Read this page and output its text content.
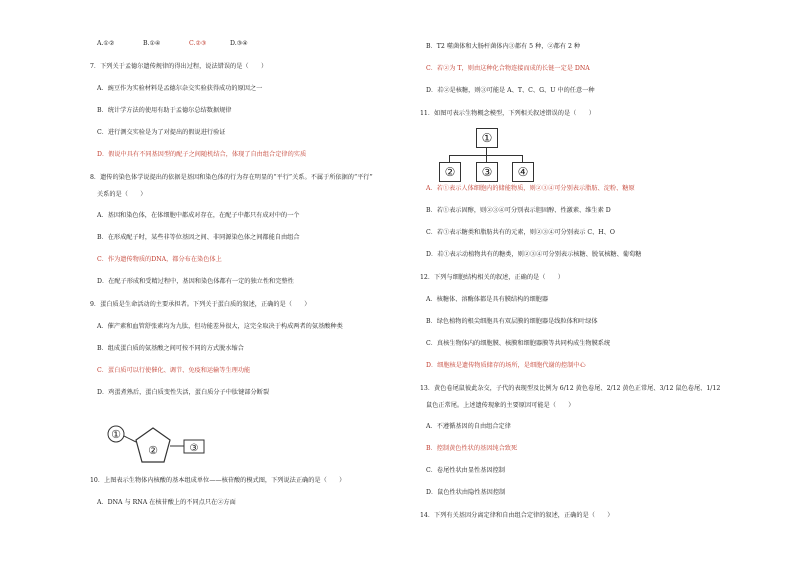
A.①②	B.①④	C.②③	D.③④
7．下列关于孟德尔遗传规律的得出过程，说法错误的是（　　）
A．豌豆作为实验材料是孟德尔杂交实验获得成功的原因之一
B．统计学方法的使用有助于孟德尔总结数据规律
C．进行测交实验是为了对提出的假说进行验证
D．假说中具有不同基因型的配子之间随机结合，体现了自由组合定律的实质
8．遗传的染色体学说提出的依据是基因和染色体的行为存在明显的“平行”关系。不属于所依据的“平行”
关系的是（　　）
A．基因和染色体，在体细胞中都成对存在，在配子中都只有成对中的一个
B．在形成配子时，某些非等位基因之间、非同源染色体之间都能自由组合
C．作为遗传物质的DNA，都分布在染色体上
D．在配子形成和受精过程中，基因和染色体都有一定的独立性和完整性
9．蛋白质是生命活动的主要承担者。下列关于蛋白质的叙述，正确的是（　　）
A．催产素和血管舒张素均为九肽，但功能差异很大，这完全取决于构成两者的氨基酸种类
B．组成蛋白质的氨基酸之间可按不同的方式脱水缩合
C．蛋白质可以行使催化、调节、免疫和运输等生理功能
D．鸡蛋煮熟后，蛋白质变性失活，蛋白质分子中肽键部分断裂
①
②	③
10．上图表示生物体内核酸的基本组成单位——核苷酸的模式图，下列说法正确的是（　　）
A．DNA 与 RNA 在核苷酸上的不同点只在②方面
B．T2 噬菌体和大肠杆菌体内③都有 5 种，②都有 2 种
C．若②为 T，则由这种化合物连接而成的长链一定是 DNA
D．若②是核糖，则③可能是 A、T、C、G、U 中的任意一种
11．如图可表示生物概念模型，下列相关叙述错误的是（　　）
①
②	③	④
A．若①表示人体细胞内的储能物质，则②③④可分别表示脂肪、淀粉、糖原
B．若①表示固醇，则②③④可分别表示胆固醇、性激素、维生素 D
C．若①表示糖类和脂肪共有的元素，则②③④可分别表示 C、H、O
D．若①表示动植物共有的糖类，则②③④可分别表示核糖、脱氧核糖、葡萄糖
12．下列与细胞结构相关的叙述，正确的是（　　）
A．核糖体、溶酶体都是具有膜结构的细胞器
B．绿色植物的根尖细胞具有双层膜的细胞器是线粒体和叶绿体
C．真核生物体内的细胞膜、核膜和细胞器膜等共同构成生物膜系统
D．细胞核是遗传物质储存的场所，是细胞代谢的控制中心
13．黄色卷尾鼠彼此杂交，子代的表现型及比例为 6/12 黄色卷尾、2/12 黄色正常尾、3/12 鼠色卷尾、1/12
鼠色正常尾。上述遗传现象的主要原因可能是（　　）
A．不遵循基因的自由组合定律
B．控制黄色性状的基因纯合致死
C．卷尾性状由显性基因控制
D．鼠色性状由隐性基因控制
14．下列有关基因分离定律和自由组合定律的叙述，正确的是（　　）
